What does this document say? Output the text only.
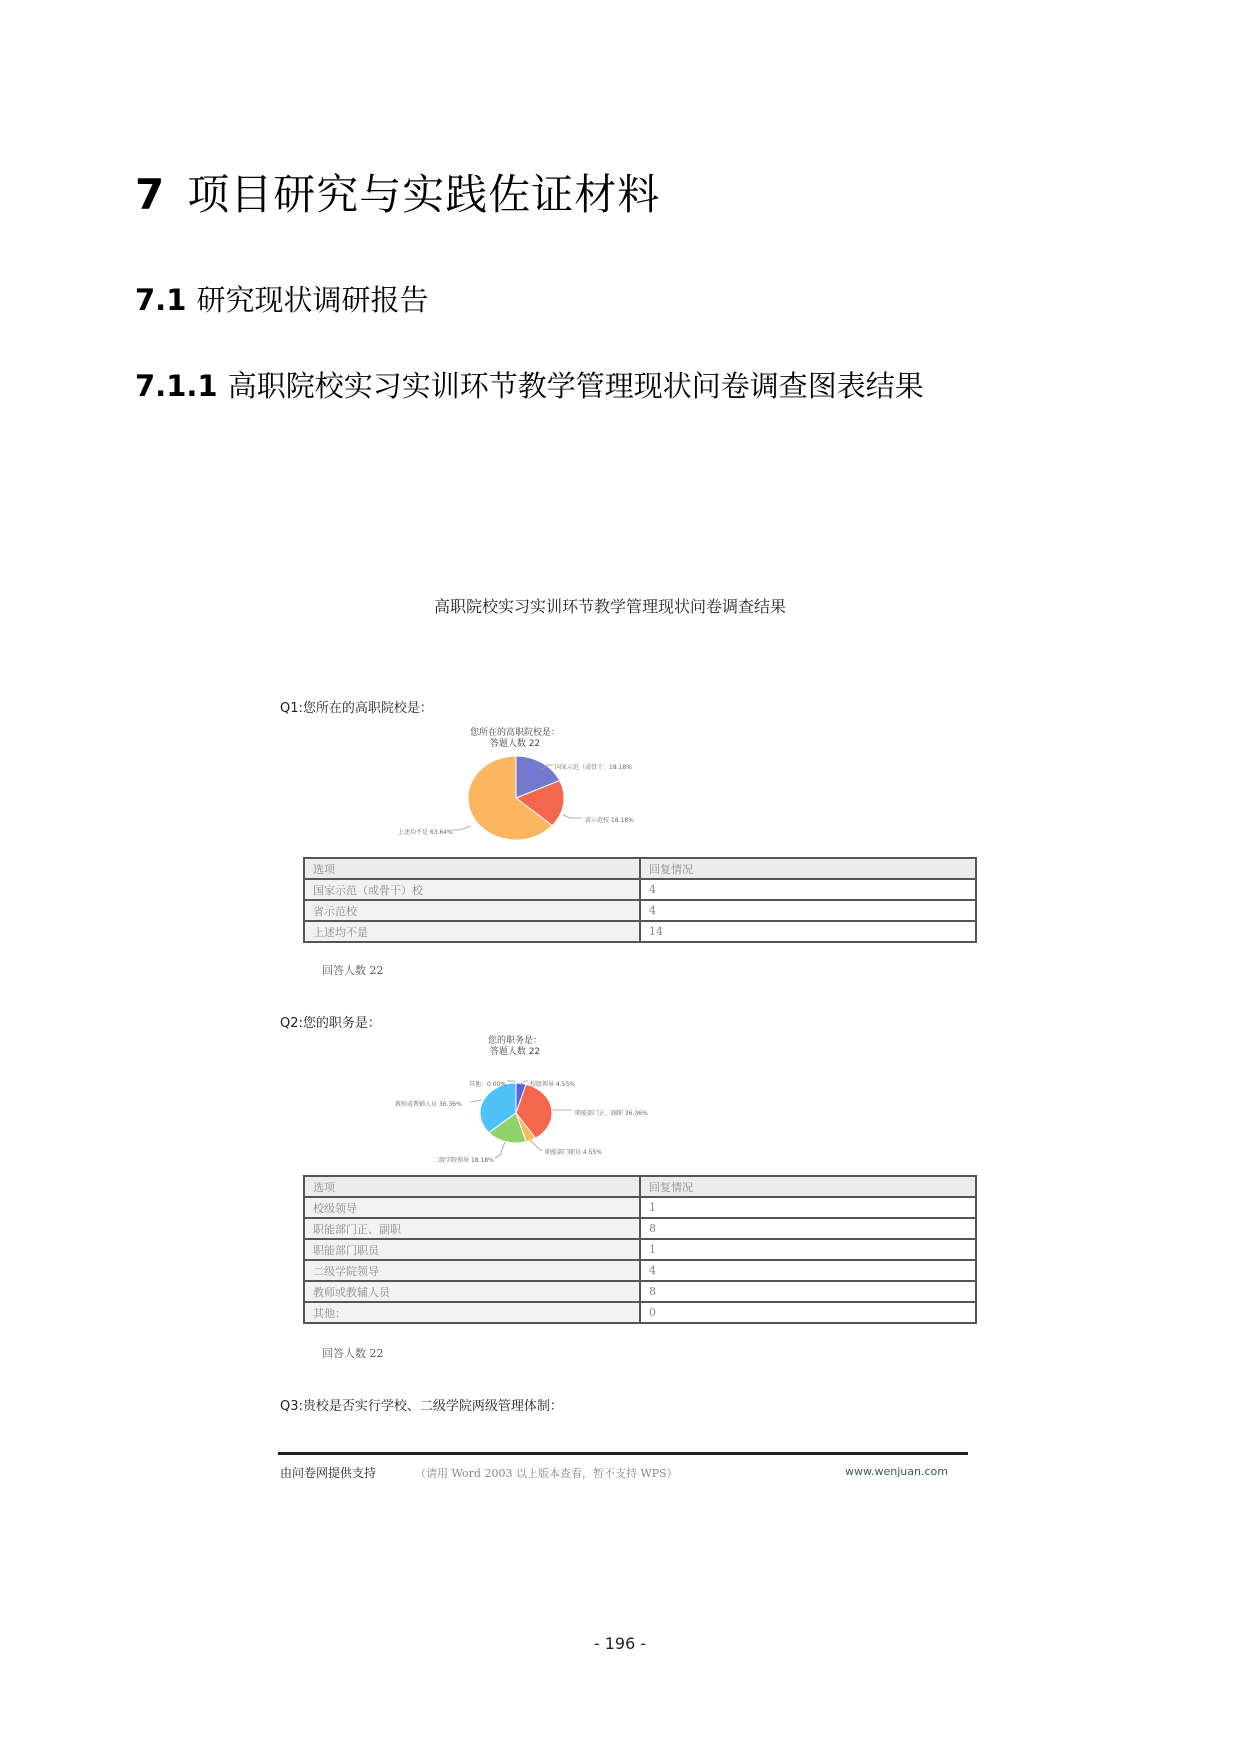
7 项目研究与实践佐证材料
7.1 研究现状调研报告
7.1.1 高职院校实习实训环节教学管理现状问卷调查图表结果
高职院校实习实训环节教学管理现状问卷调查结果
Q1:您所在的高职院校是：
您所在的高职院校是：
答题人数 22
国家示范（或骨干：18.18%
省示范校 18.18%
上述均不是 63.64%
选项	回复情况
国家示范（或骨干）校	4
省示范校	4
上述均不是	14
回答人数 22
Q2:您的职务是：
您的职务是：
答题人数 22
校级领导 4.55%
职能部门正、副职 36.36%
职能部门职员 4.55%
二级学院领导 18.18%
教师或教辅人员 36.36%
其他：0.00%
选项	回复情况
校级领导	1
职能部门正、副职	8
职能部门职员	1
二级学院领导	4
教师或教辅人员	8
其他：	0
回答人数 22
Q3:贵校是否实行学校、二级学院两级管理体制：
由问卷网提供支持	（请用 Word 2003 以上版本查看，暂不支持 WPS）	www.wenjuan.com
- 196 -
